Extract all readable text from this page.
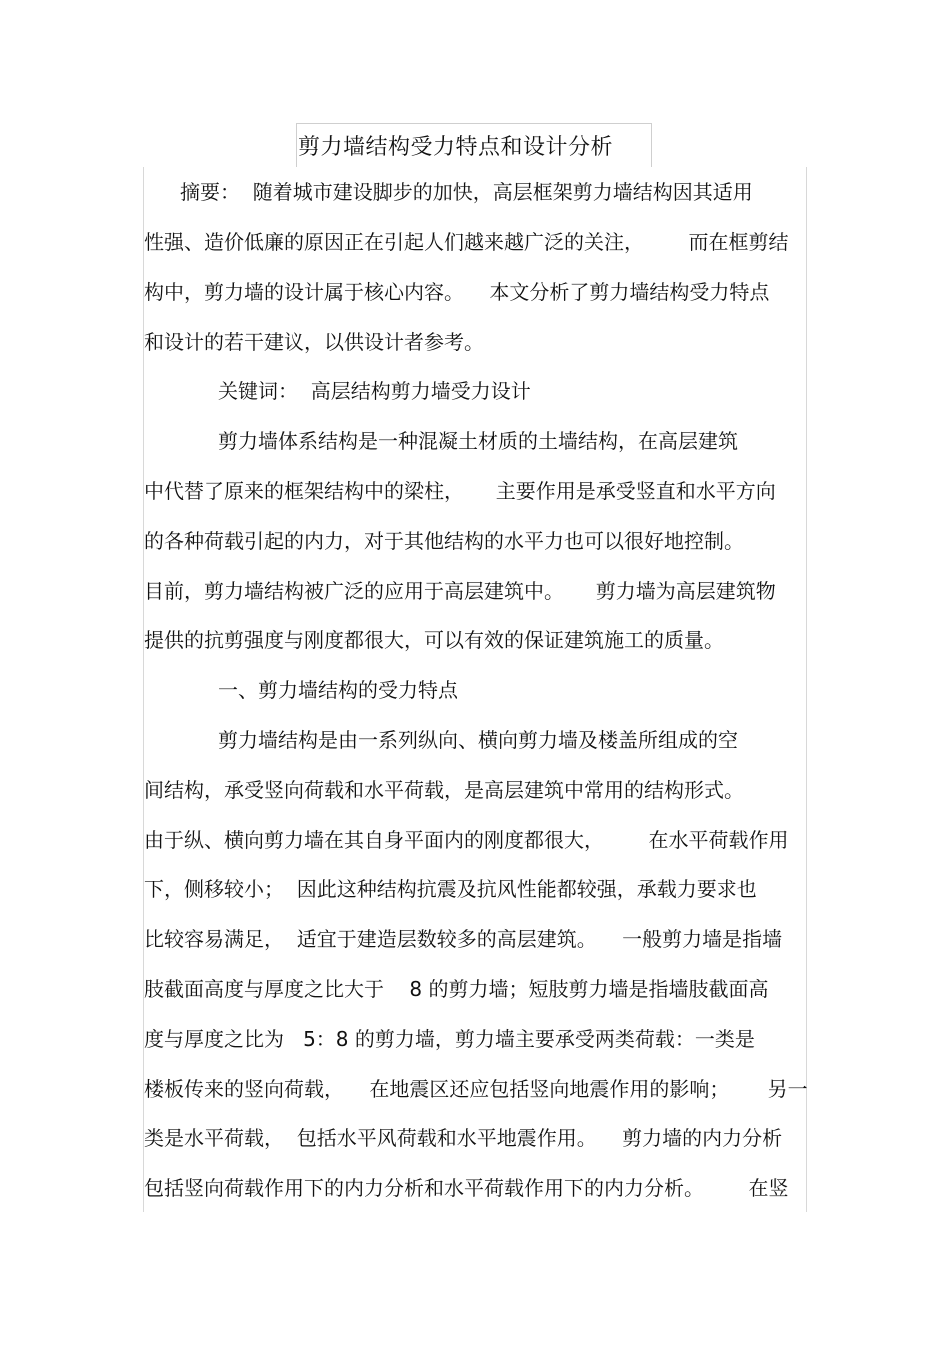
剪力墙结构受力特点和设计分析
摘要：  随着城市建设脚步的加快，高层框架剪力墙结构因其适用
性强、造价低廉的原因正在引起人们越来越广泛的关注，       而在框剪结
构中，剪力墙的设计属于核心内容。    本文分析了剪力墙结构受力特点
和设计的若干建议，以供设计者参考。
关键词：  高层结构剪力墙受力设计
剪力墙体系结构是一种混凝土材质的土墙结构，在高层建筑
中代替了原来的框架结构中的梁柱，     主要作用是承受竖直和水平方向
的各种荷载引起的内力，对于其他结构的水平力也可以很好地控制。
目前，剪力墙结构被广泛的应用于高层建筑中。     剪力墙为高层建筑物
提供的抗剪强度与刚度都很大，可以有效的保证建筑施工的质量。
一、剪力墙结构的受力特点
剪力墙结构是由一系列纵向、横向剪力墙及楼盖所组成的空
间结构，承受竖向荷载和水平荷载，是高层建筑中常用的结构形式。
由于纵、横向剪力墙在其自身平面内的刚度都很大，       在水平荷载作用
下，侧移较小；  因此这种结构抗震及抗风性能都较强，承载力要求也
比较容易满足，  适宜于建造层数较多的高层建筑。    一般剪力墙是指墙
肢截面高度与厚度之比大于    8 的剪力墙；短肢剪力墙是指墙肢截面高
度与厚度之比为   5：8 的剪力墙，剪力墙主要承受两类荷载：一类是
楼板传来的竖向荷载，    在地震区还应包括竖向地震作用的影响；      另一
类是水平荷载，  包括水平风荷载和水平地震作用。    剪力墙的内力分析
包括竖向荷载作用下的内力分析和水平荷载作用下的内力分析。       在竖
